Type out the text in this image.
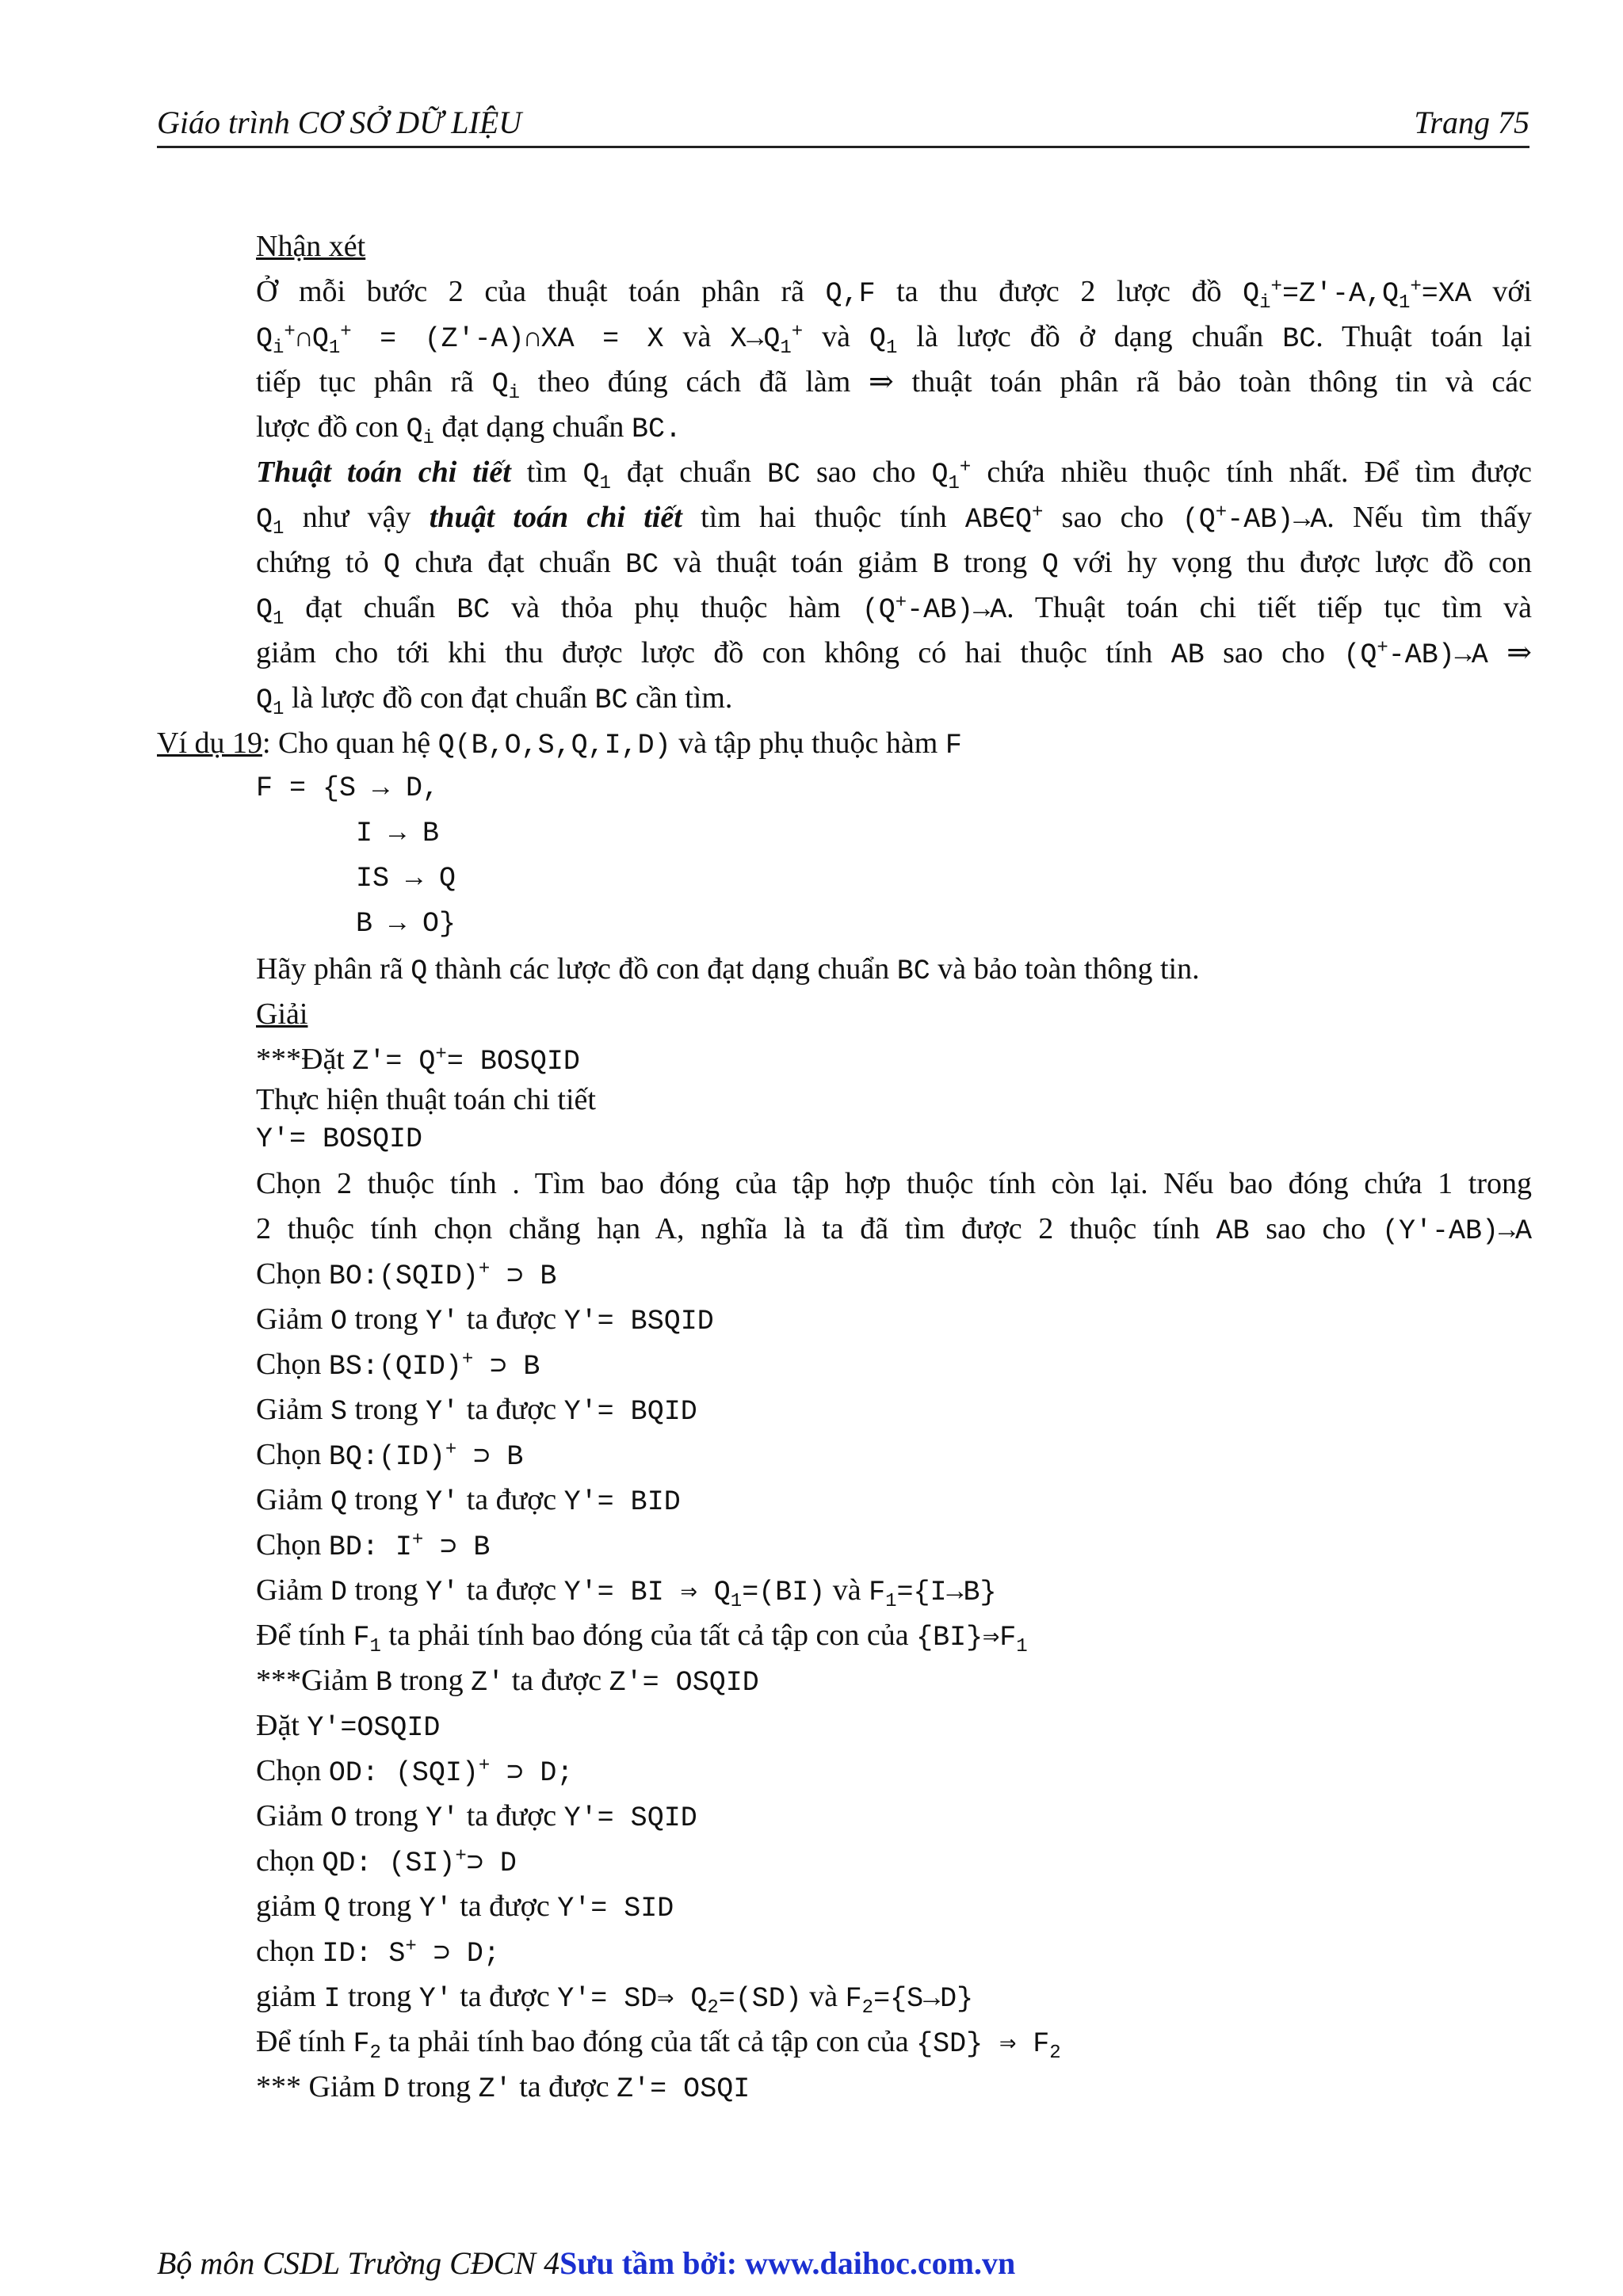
Giáo trình CƠ SỞ DỮ LIỆU	Trang 75
Nhận xét
Ở mỗi bước 2 của thuật toán phân rã Q,F ta thu được 2 lược đồ $Q_i^+=Z'-A,Q_1^+=XA$ với
$Q_i^+\cap Q_1^+$ = (Z′-A)∩XA = X và $X\to Q_1^+$ và $Q_1$ là lược đồ ở dạng chuẩn BC. Thuật toán lại
tiếp tục phân rã $Q_i$ theo đúng cách đã làm ⇒ thuật toán phân rã bảo toàn thông tin và các
lược đồ con $Q_i$ đạt dạng chuẩn BC.
Thuật toán chi tiết tìm $Q_1$ đạt chuẩn BC sao cho $Q_1^+$ chứa nhiều thuộc tính nhất. Để tìm được
$Q_1$ như vậy thuật toán chi tiết tìm hai thuộc tính AB∈Q+ sao cho (Q+-AB)→A. Nếu tìm thấy
chứng tỏ Q chưa đạt chuẩn BC và thuật toán giảm B trong Q với hy vọng thu được lược đồ con
$Q_1$ đạt chuẩn BC và thỏa phụ thuộc hàm (Q+-AB)→A. Thuật toán chi tiết tiếp tục tìm và
giảm cho tới khi thu được lược đồ con không có hai thuộc tính AB sao cho (Q+-AB)→A ⇒
$Q_1$ là lược đồ con đạt chuẩn BC cần tìm.
Ví dụ 19: Cho quan hệ Q(B,O,S,Q,I,D) và tập phụ thuộc hàm F
F = {S → D,
I → B
IS → Q
B → O}
Hãy phân rã Q thành các lược đồ con đạt dạng chuẩn BC và bảo toàn thông tin.
Giải
***Đặt Z′= Q+= BOSQID
Thực hiện thuật toán chi tiết
Y′= BOSQID
Chọn 2 thuộc tính . Tìm bao đóng của tập hợp thuộc tính còn lại. Nếu bao đóng chứa 1 trong
2 thuộc tính chọn chẳng hạn A, nghĩa là ta đã tìm được 2 thuộc tính AB sao cho (Y′-AB)→A
Chọn BO:(SQID)+ ⊃ B
Giảm O trong Y′ ta được Y′= BSQID
Chọn BS:(QID)+ ⊃ B
Giảm S trong Y′ ta được Y′= BQID
Chọn BQ:(ID)+ ⊃ B
Giảm Q trong Y′ ta được Y′= BID
Chọn BD: I+ ⊃ B
Giảm D trong Y′ ta được Y′= BI ⇒ $Q_1=(BI)$ và $F_1=\{I\to B\}$
Để tính $F_1$ ta phải tính bao đóng của tất cả tập con của $\{BI\}\Rightarrow F_1$
***Giảm B trong Z′ ta được Z′= OSQID
Đặt Y′=OSQID
Chọn OD: (SQI)+ ⊃ D;
Giảm O trong Y′ ta được Y′= SQID
chọn QD: (SI)+⊃ D
giảm Q trong Y′ ta được Y′= SID
chọn ID: S+ ⊃ D;
giảm I trong Y′ ta được Y′= SD⇒ $Q_2=(SD)$ và $F_2=\{S\to D\}$
Để tính $F_2$ ta phải tính bao đóng của tất cả tập con của {SD} ⇒ $F_2$
*** Giảm D trong Z′ ta được Z′= OSQI
Bộ môn CSDL Trường CĐCN 4Sưu tầm bởi: www.daihoc.com.vn
